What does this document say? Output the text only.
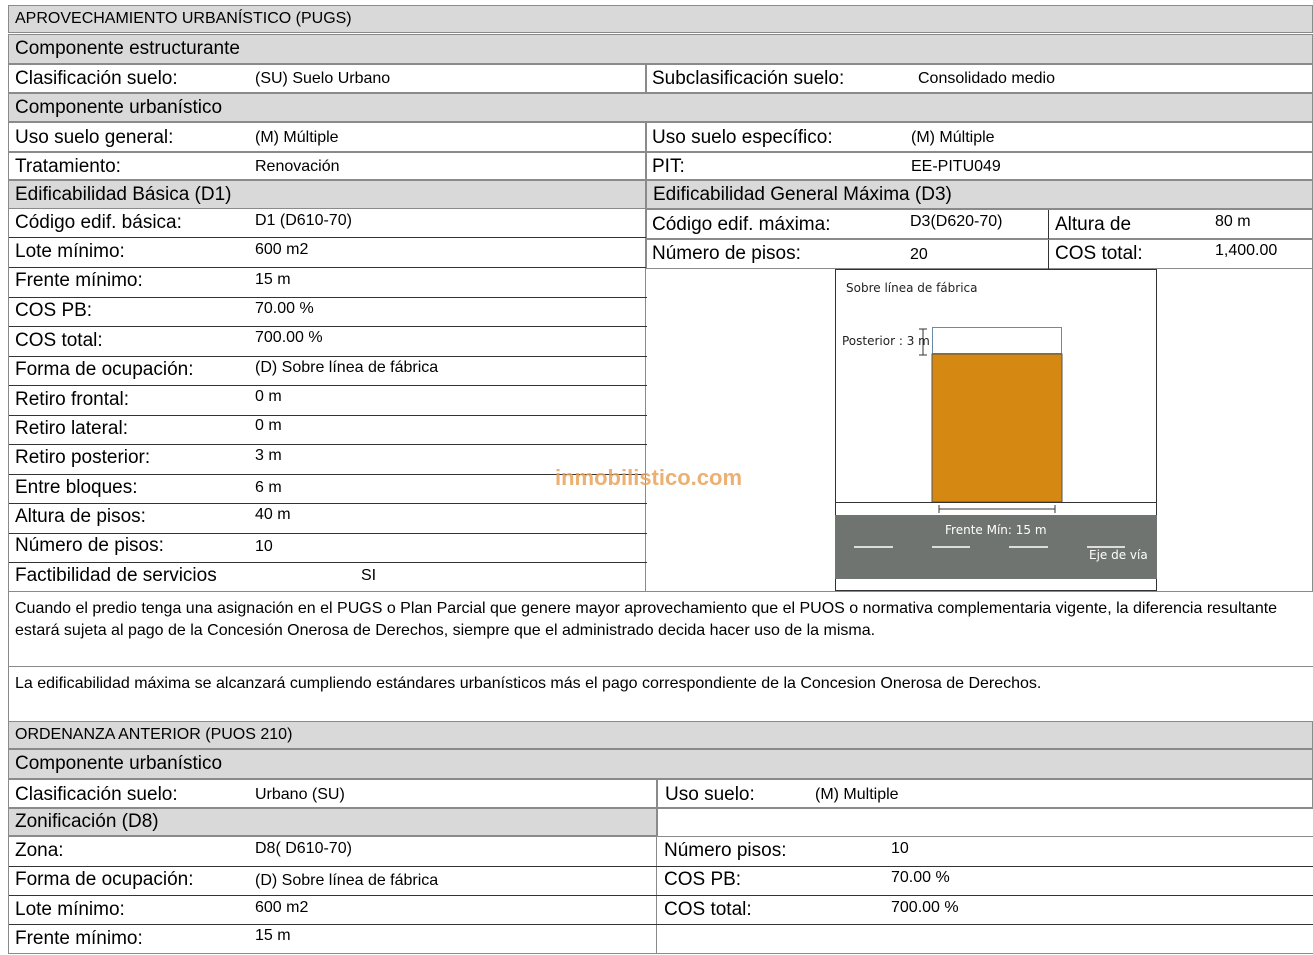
APROVECHAMIENTO URBANÍSTICO (PUGS)
Componente estructurante
Clasificación suelo:	(SU) Suelo Urbano	Subclasificación suelo:	Consolidado medio
Componente urbanístico
Uso suelo general:	(M) Múltiple	Uso suelo específico:	(M) Múltiple
Tratamiento:	Renovación	PIT:	EE-PITU049
Edificabilidad Básica (D1)	Edificabilidad General Máxima (D3)
Código edif. básica:	D1 (D610-70)
Lote mínimo:	600 m2
Frente mínimo:	15 m
COS PB:	70.00 %
COS total:	700.00 %
Forma de ocupación:	(D) Sobre línea de fábrica
Retiro frontal:	0 m
Retiro lateral:	0 m
Retiro posterior:	3 m
Entre bloques:	6 m
Altura de pisos:	40 m
Número de pisos:	10
Factibilidad de servicios	SI
Código edif. máxima:	D3(D620-70)	Altura de	80 m
Número de pisos:	20	COS total:	1,400.00
Sobre línea de fábrica
Posterior : 3 m
Frente Mín: 15 m
Eje de vía
inmobilistico.com
Cuando el predio tenga una asignación en el PUGS o Plan Parcial que genere mayor aprovechamiento que el PUOS o normativa complementaria vigente, la diferencia resultante estará sujeta al pago de la Concesión Onerosa de Derechos, siempre que el administrado decida hacer uso de la misma.
La edificabilidad máxima se alcanzará cumpliendo estándares urbanísticos más el pago correspondiente de la Concesion Onerosa de Derechos.
ORDENANZA ANTERIOR (PUOS 210)
Componente urbanístico
Clasificación suelo:	Urbano (SU)	Uso suelo:	(M) Multiple
Zonificación (D8)
Zona:	D8( D610-70)
Forma de ocupación:	(D) Sobre línea de fábrica
Lote mínimo:	600 m2
Frente mínimo:	15 m
Número pisos:	10
COS PB:	70.00 %
COS total:	700.00 %
